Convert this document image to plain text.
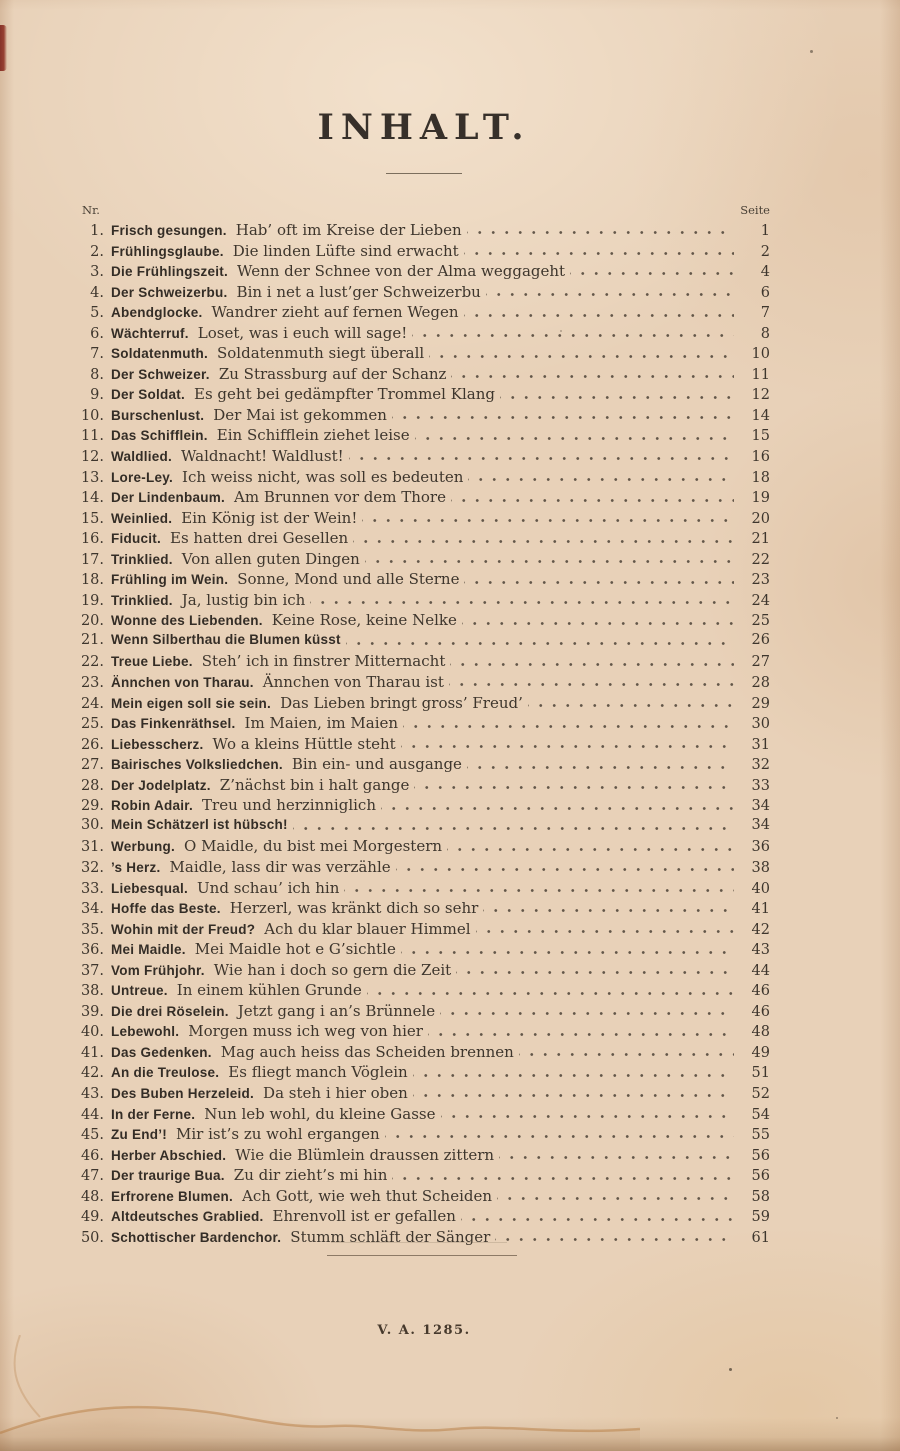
INHALT.
Nr.	Seite
1. Frisch gesungen. Hab’ oft im Kreise der Lieben	1
2. Frühlingsglaube. Die linden Lüfte sind erwacht	2
3. Die Frühlingszeit. Wenn der Schnee von der Alma weggageht	4
4. Der Schweizerbu. Bin i net a lust’ger Schweizerbu	6
5. Abendglocke. Wandrer zieht auf fernen Wegen	7
6. Wächterruf. Loset, was i euch will sage!	8
7. Soldatenmuth. Soldatenmuth siegt überall	10
8. Der Schweizer. Zu Strassburg auf der Schanz	11
9. Der Soldat. Es geht bei gedämpfter Trommel Klang	12
10. Burschenlust. Der Mai ist gekommen	14
11. Das Schifflein. Ein Schifflein ziehet leise	15
12. Waldlied. Waldnacht! Waldlust!	16
13. Lore-Ley. Ich weiss nicht, was soll es bedeuten	18
14. Der Lindenbaum. Am Brunnen vor dem Thore	19
15. Weinlied. Ein König ist der Wein!	20
16. Fiducit. Es hatten drei Gesellen	21
17. Trinklied. Von allen guten Dingen	22
18. Frühling im Wein. Sonne, Mond und alle Sterne	23
19. Trinklied. Ja, lustig bin ich	24
20. Wonne des Liebenden. Keine Rose, keine Nelke	25
21. Wenn Silberthau die Blumen küsst	26
22. Treue Liebe. Steh’ ich in finstrer Mitternacht	27
23. Ännchen von Tharau. Ännchen von Tharau ist	28
24. Mein eigen soll sie sein. Das Lieben bringt gross’ Freud’	29
25. Das Finkenräthsel. Im Maien, im Maien	30
26. Liebesscherz. Wo a kleins Hüttle steht	31
27. Bairisches Volksliedchen. Bin ein- und ausgange	32
28. Der Jodelplatz. Z’nächst bin i halt gange	33
29. Robin Adair. Treu und herzinniglich	34
30. Mein Schätzerl ist hübsch!	34
31. Werbung. O Maidle, du bist mei Morgestern	36
32. ’s Herz. Maidle, lass dir was verzähle	38
33. Liebesqual. Und schau’ ich hin	40
34. Hoffe das Beste. Herzerl, was kränkt dich so sehr	41
35. Wohin mit der Freud? Ach du klar blauer Himmel	42
36. Mei Maidle. Mei Maidle hot e G’sichtle	43
37. Vom Frühjohr. Wie han i doch so gern die Zeit	44
38. Untreue. In einem kühlen Grunde	46
39. Die drei Röselein. Jetzt gang i an’s Brünnele	46
40. Lebewohl. Morgen muss ich weg von hier	48
41. Das Gedenken. Mag auch heiss das Scheiden brennen	49
42. An die Treulose. Es fliegt manch Vöglein	51
43. Des Buben Herzeleid. Da steh i hier oben	52
44. In der Ferne. Nun leb wohl, du kleine Gasse	54
45. Zu End’! Mir ist’s zu wohl ergangen	55
46. Herber Abschied. Wie die Blümlein draussen zittern	56
47. Der traurige Bua. Zu dir zieht’s mi hin	56
48. Erfrorene Blumen. Ach Gott, wie weh thut Scheiden	58
49. Altdeutsches Grablied. Ehrenvoll ist er gefallen	59
50. Schottischer Bardenchor. Stumm schläft der Sänger	61
V. A. 1285.
